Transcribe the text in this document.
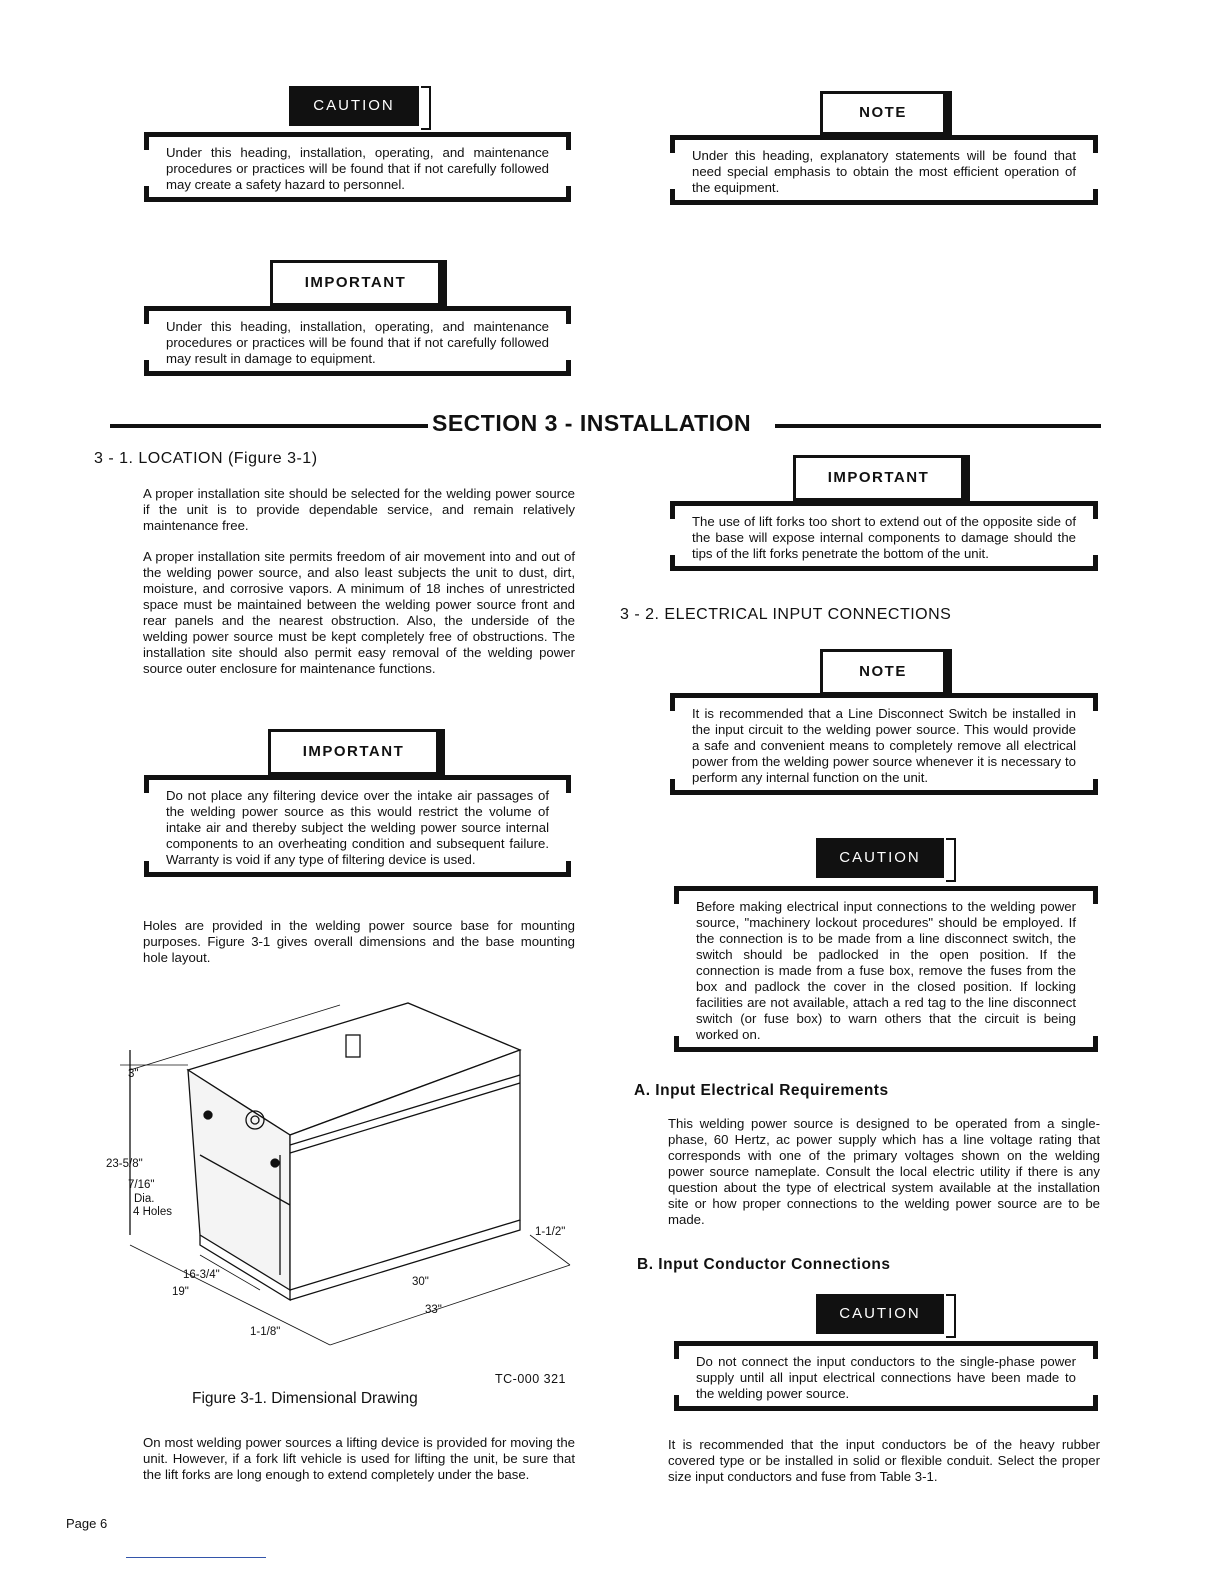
CAUTION
Under this heading, installation, operating, and maintenance procedures or practices will be found that if not carefully followed may create a safety hazard to personnel.
NOTE
Under this heading, explanatory statements will be found that need special emphasis to obtain the most efficient operation of the equipment.
IMPORTANT
Under this heading, installation, operating, and maintenance procedures or practices will be found that if not carefully followed may result in damage to equipment.
SECTION 3 - INSTALLATION
3 - 1. LOCATION (Figure 3-1)
A proper installation site should be selected for the welding power source if the unit is to provide dependable service, and remain relatively maintenance free.
A proper installation site permits freedom of air movement into and out of the welding power source, and also least subjects the unit to dust, dirt, moisture, and corrosive vapors. A minimum of 18 inches of unrestricted space must be maintained between the welding power source front and rear panels and the nearest obstruction. Also, the underside of the welding power source must be kept completely free of obstructions. The installation site should also permit easy removal of the welding power source outer enclosure for maintenance functions.
IMPORTANT
Do not place any filtering device over the intake air passages of the welding power source as this would restrict the volume of intake air and thereby subject the welding power source internal components to an overheating condition and subsequent failure. Warranty is void if any type of filtering device is used.
Holes are provided in the welding power source base for mounting purposes. Figure 3-1 gives overall dimensions and the base mounting hole layout.
3"
23-5/8"
7/16"
Dia.
4 Holes
16-3/4"
19"
1-1/8"
30"
33"
1-1/2"
TC-000 321
Figure 3-1. Dimensional Drawing
On most welding power sources a lifting device is provided for moving the unit. However, if a fork lift vehicle is used for lifting the unit, be sure that the lift forks are long enough to extend completely under the base.
IMPORTANT
The use of lift forks too short to extend out of the opposite side of the base will expose internal components to damage should the tips of the lift forks penetrate the bottom of the unit.
3 - 2. ELECTRICAL INPUT CONNECTIONS
NOTE
It is recommended that a Line Disconnect Switch be installed in the input circuit to the welding power source. This would provide a safe and convenient means to completely remove all electrical power from the welding power source whenever it is necessary to perform any internal function on the unit.
CAUTION
Before making electrical input connections to the welding power source, "machinery lockout procedures" should be employed. If the connection is to be made from a line disconnect switch, the switch should be padlocked in the open position. If the connection is made from a fuse box, remove the fuses from the box and padlock the cover in the closed position. If locking facilities are not available, attach a red tag to the line disconnect switch (or fuse box) to warn others that the circuit is being worked on.
A. Input Electrical Requirements
This welding power source is designed to be operated from a single-phase, 60 Hertz, ac power supply which has a line voltage rating that corresponds with one of the primary voltages shown on the welding power source nameplate. Consult the local electric utility if there is any question about the type of electrical system available at the installation site or how proper connections to the welding power source are to be made.
B. Input Conductor Connections
CAUTION
Do not connect the input conductors to the single-phase power supply until all input electrical connections have been made to the welding power source.
It is recommended that the input conductors be of the heavy rubber covered type or be installed in solid or flexible conduit. Select the proper size input conductors and fuse from Table 3-1.
Page 6
